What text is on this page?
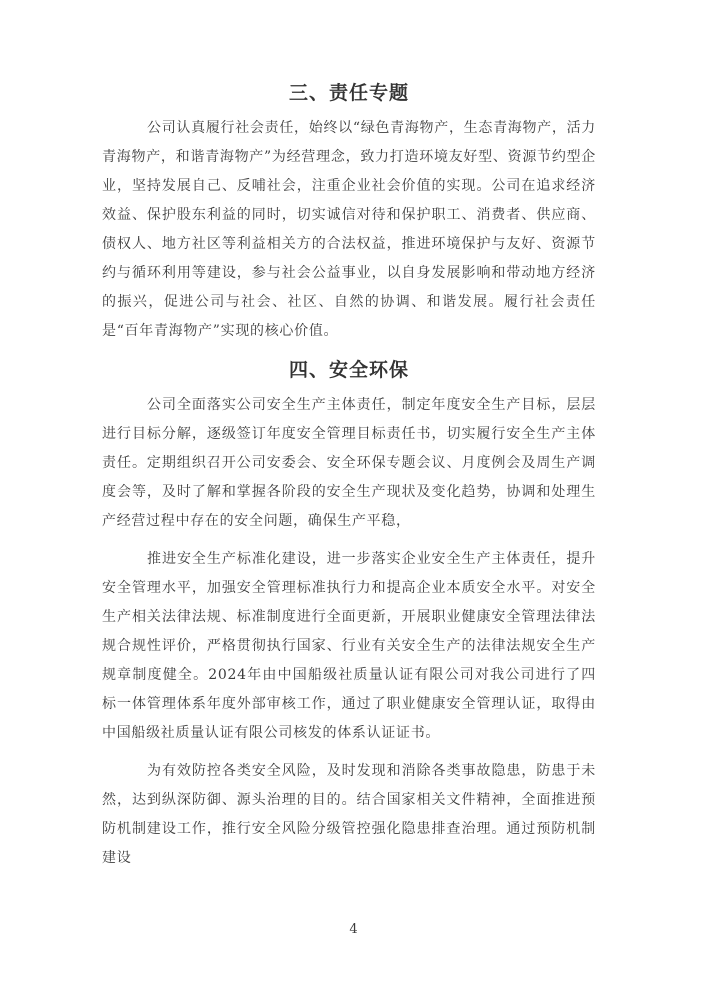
三、责任专题

公司认真履行社会责任，始终以“绿色青海物产，生态青海物产，活力青海物产，和谐青海物产”为经营理念，致力打造环境友好型、资源节约型企业，坚持发展自己、反哺社会，注重企业社会价值的实现。公司在追求经济效益、保护股东利益的同时，切实诚信对待和保护职工、消费者、供应商、债权人、地方社区等利益相关方的合法权益，推进环境保护与友好、资源节约与循环利用等建设，参与社会公益事业，以自身发展影响和带动地方经济的振兴，促进公司与社会、社区、自然的协调、和谐发展。履行社会责任是“百年青海物产”实现的核心价值。

四、安全环保

公司全面落实公司安全生产主体责任，制定年度安全生产目标，层层进行目标分解，逐级签订年度安全管理目标责任书，切实履行安全生产主体责任。定期组织召开公司安委会、安全环保专题会议、月度例会及周生产调度会等，及时了解和掌握各阶段的安全生产现状及变化趋势，协调和处理生产经营过程中存在的安全问题，确保生产平稳，

推进安全生产标准化建设，进一步落实企业安全生产主体责任，提升安全管理水平，加强安全管理标准执行力和提高企业本质安全水平。对安全生产相关法律法规、标准制度进行全面更新，开展职业健康安全管理法律法规合规性评价，严格贯彻执行国家、行业有关安全生产的法律法规安全生产规章制度健全。2024年由中国船级社质量认证有限公司对我公司进行了四标一体管理体系年度外部审核工作，通过了职业健康安全管理认证，取得由中国船级社质量认证有限公司核发的体系认证证书。

为有效防控各类安全风险，及时发现和消除各类事故隐患，防患于未然，达到纵深防御、源头治理的目的。结合国家相关文件精神，全面推进预防机制建设工作，推行安全风险分级管控强化隐患排查治理。通过预防机制建设

4
